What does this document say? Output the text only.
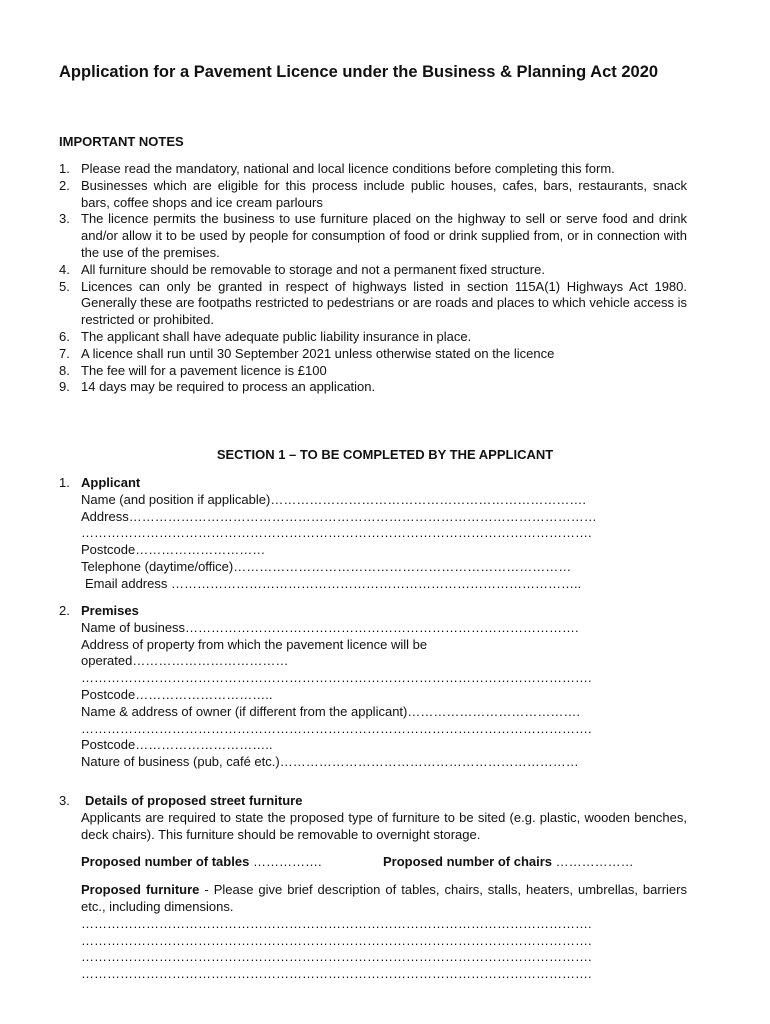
Application for a Pavement Licence under the Business & Planning Act 2020
IMPORTANT NOTES
1. Please read the mandatory, national and local licence conditions before completing this form.
2. Businesses which are eligible for this process include public houses, cafes, bars, restaurants, snack bars, coffee shops and ice cream parlours
3. The licence permits the business to use furniture placed on the highway to sell or serve food and drink and/or allow it to be used by people for consumption of food or drink supplied from, or in connection with the use of the premises.
4. All furniture should be removable to storage and not a permanent fixed structure.
5. Licences can only be granted in respect of highways listed in section 115A(1) Highways Act 1980. Generally these are footpaths restricted to pedestrians or are roads and places to which vehicle access is restricted or prohibited.
6. The applicant shall have adequate public liability insurance in place.
7. A licence shall run until 30 September 2021 unless otherwise stated on the licence
8. The fee will for a pavement licence is £100
9. 14 days may be required to process an application.
SECTION 1 – TO BE COMPLETED BY THE APPLICANT
1. Applicant
Name (and position if applicable)……………………………………………………………….
Address………………………………………………………………………………………………
……………………………………………………………………………………………………….
Postcode…………………………
Telephone (daytime/office)……………………………………………………………………
Email address …………………………………………………………………………………..
2. Premises
Name of business……………………………………………………………………………….
Address of property from which the pavement licence will be
operated………………………………
……………………………………………………………………………………………………….
Postcode…………………………..
Name & address of owner (if different from the applicant)………………………………….
……………………………………………………………………………………………………….
Postcode…………………………..
Nature of business (pub, café etc.)……………………………………………………………
3.	Details of proposed street furniture
Applicants are required to state the proposed type of furniture to be sited (e.g. plastic, wooden benches, deck chairs). This furniture should be removable to overnight storage.
Proposed number of tables …………….	Proposed number of chairs ………………
Proposed furniture - Please give brief description of tables, chairs, stalls, heaters, umbrellas, barriers etc., including dimensions.
……………………………………………………………………………………………………….
……………………………………………………………………………………………………….
……………………………………………………………………………………………………….
……………………………………………………………………………………………………….
